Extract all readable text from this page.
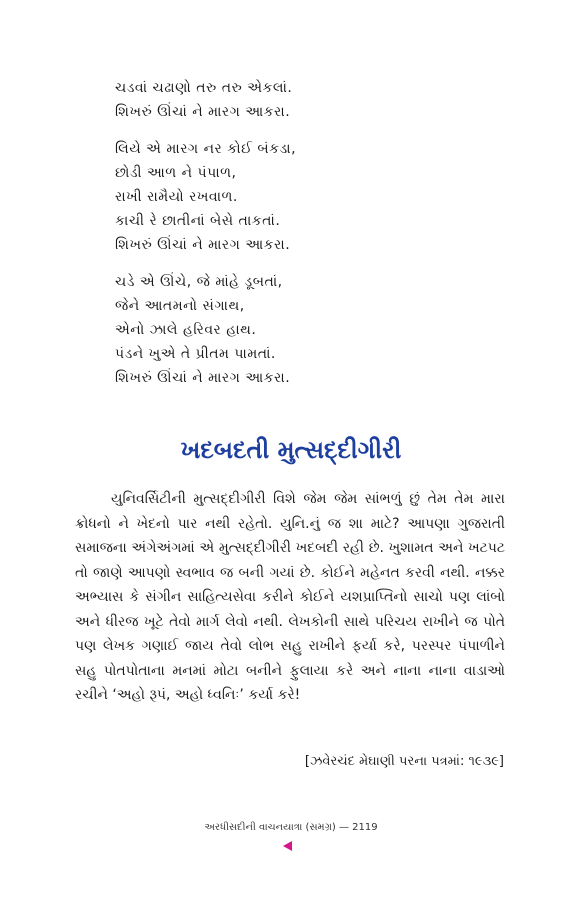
ચડવાં ચઢાણો તરુ તરુ એકલાં.
શિખરું ઊંચાં ને મારગ આકરા.
લિયે એ મારગ નર કોઈ બંકડા,
છોડી આળ ને પંપાળ,
રાખી રામૈયો રખવાળ.
કાચી રે છાતીનાં બેસે તાકતાં.
શિખરું ઊંચાં ને મારગ આકરા.
ચડે એ ઊંચે, જે માંહે ડૂબતાં,
જેને આતમનો સંગાથ,
એનો ઝાલે હરિવર હાથ.
પંડને ખુએ તે પ્રીતમ પામતાં.
શિખરું ઊંચાં ને મારગ આકરા.
ખદબદતી મુત્સદ્દીગીરી
યુનિવર્સિટીની મુત્સદ્દીગીરી વિશે જેમ જેમ સાંભળું છું તેમ તેમ મારા ક્રોધનો ને ખેદનો પાર નથી રહેતો. યુનિ.નું જ શા માટે? આપણા ગુજરાતી સમાજના અંગેઅંગમાં એ મુત્સદ્દીગીરી ખદબદી રહી છે. ખુશામત અને ખટપટ તો જાણે આપણો સ્વભાવ જ બની ગયાં છે. કોઈને મહેનત કરવી નથી. નક્કર અભ્યાસ કે સંગીન સાહિત્યસેવા કરીને કોઈને યશપ્રાપ્તિનો સાચો પણ લાંબો અને ધીરજ ખૂટે તેવો માર્ગ લેવો નથી. લેખકોની સાથે પરિચય રાખીને જ પોતે પણ લેખક ગણાઈ જાય તેવો લોભ સહુ રાખીને ફર્યા કરે, પરસ્પર પંપાળીને સહુ પોતપોતાના મનમાં મોટા બનીને ફુલાયા કરે અને નાના નાના વાડાઓ રચીને ‘અહો રૂપં, અહો ધ્વનિઃ’ કર્યા કરે!
[ઝવેરચંદ મેઘાણી પરના પત્રમાં: ૧૯૩૯]
અરધીસદીની વાચનયાત્રા (સમગ્ર) — 2119
